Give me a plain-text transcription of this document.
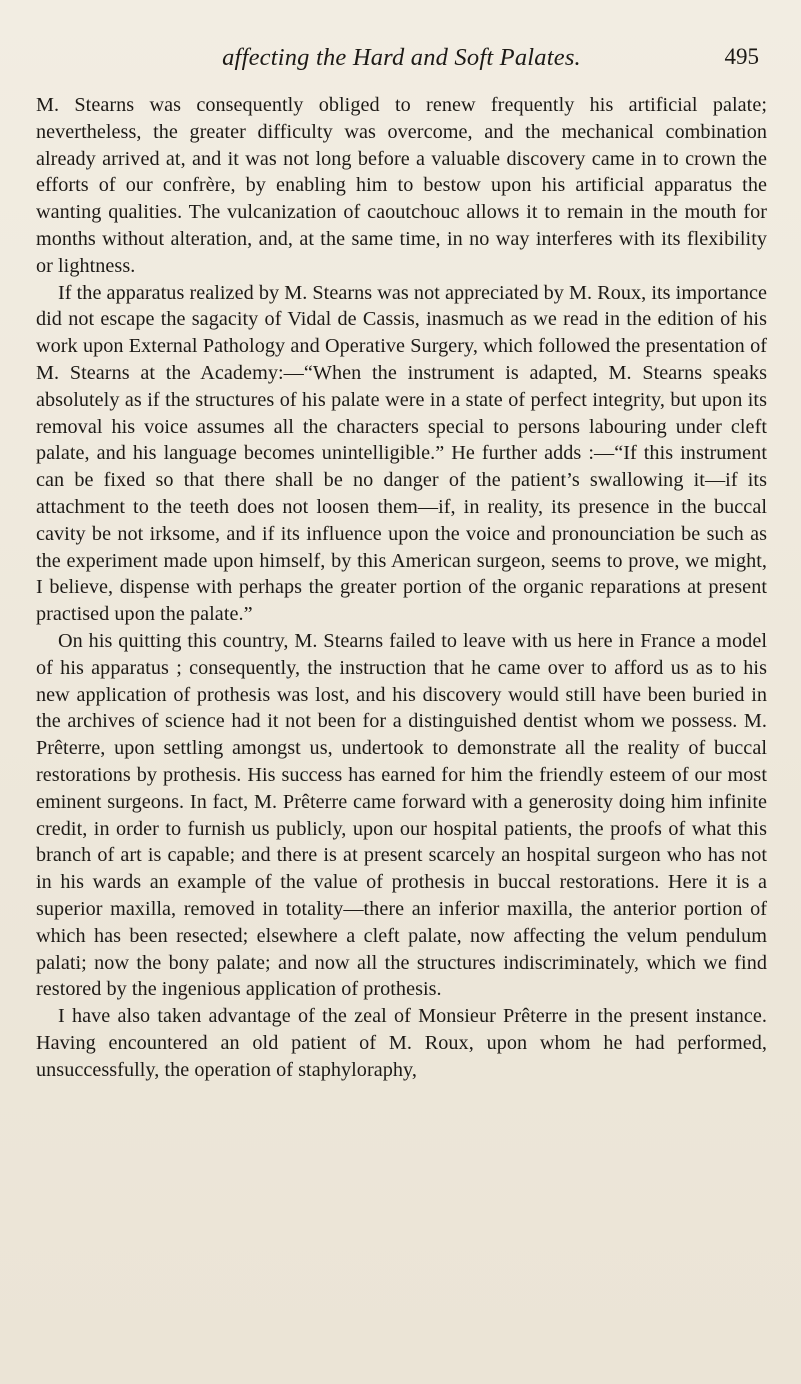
affecting the Hard and Soft Palates.	495

M. Stearns was consequently obliged to renew frequently his artificial palate; nevertheless, the greater difficulty was overcome, and the mechanical combination already arrived at, and it was not long before a valuable discovery came in to crown the efforts of our confrère, by enabling him to bestow upon his artificial apparatus the wanting qualities. The vulcanization of caoutchouc allows it to remain in the mouth for months without alteration, and, at the same time, in no way interferes with its flexibility or lightness.

If the apparatus realized by M. Stearns was not appreciated by M. Roux, its importance did not escape the sagacity of Vidal de Cassis, inasmuch as we read in the edition of his work upon External Pathology and Operative Surgery, which followed the presentation of M. Stearns at the Academy:—“When the instrument is adapted, M. Stearns speaks absolutely as if the structures of his palate were in a state of perfect integrity, but upon its removal his voice assumes all the characters special to persons labouring under cleft palate, and his language becomes unintelligible.” He further adds :—“If this instrument can be fixed so that there shall be no danger of the patient’s swallowing it—if its attachment to the teeth does not loosen them—if, in reality, its presence in the buccal cavity be not irksome, and if its influence upon the voice and pronounciation be such as the experiment made upon himself, by this American surgeon, seems to prove, we might, I believe, dispense with perhaps the greater portion of the organic reparations at present practised upon the palate.”

On his quitting this country, M. Stearns failed to leave with us here in France a model of his apparatus ; consequently, the instruction that he came over to afford us as to his new application of prothesis was lost, and his discovery would still have been buried in the archives of science had it not been for a distinguished dentist whom we possess. M. Prêterre, upon settling amongst us, undertook to demonstrate all the reality of buccal restorations by prothesis. His success has earned for him the friendly esteem of our most eminent surgeons. In fact, M. Prêterre came forward with a generosity doing him infinite credit, in order to furnish us publicly, upon our hospital patients, the proofs of what this branch of art is capable; and there is at present scarcely an hospital surgeon who has not in his wards an example of the value of prothesis in buccal restorations. Here it is a superior maxilla, removed in totality—there an inferior maxilla, the anterior portion of which has been resected; elsewhere a cleft palate, now affecting the velum pendulum palati; now the bony palate; and now all the structures indiscriminately, which we find restored by the ingenious application of prothesis.

I have also taken advantage of the zeal of Monsieur Prêterre in the present instance. Having encountered an old patient of M. Roux, upon whom he had performed, unsuccessfully, the operation of staphyloraphy,
